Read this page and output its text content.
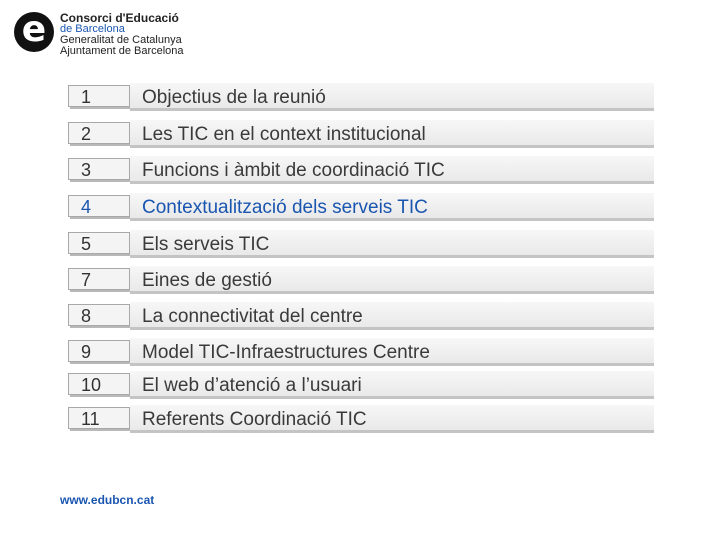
e	Consorci d'Educació
de Barcelona
Generalitat de Catalunya
Ajuntament de Barcelona
1	Objectius de la reunió
2	Les TIC en el context institucional
3	Funcions i àmbit de coordinació TIC
4	Contextualització dels serveis TIC
5	Els serveis TIC
7	Eines de gestió
8	La connectivitat del centre
9	Model TIC-Infraestructures Centre
10	El web d’atenció a l’usuari
11	Referents Coordinació TIC
www.edubcn.cat
